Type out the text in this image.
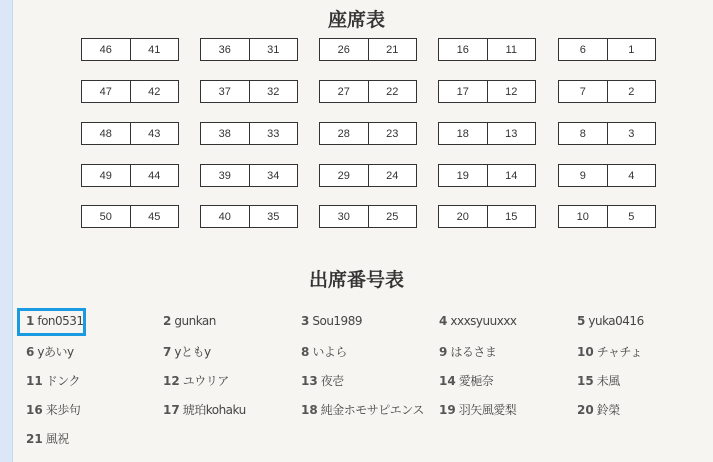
座席表
46	41	36	31	26	21	16	11	6	1
47	42	37	32	27	22	17	12	7	2
48	43	38	33	28	23	18	13	8	3
49	44	39	34	29	24	19	14	9	4
50	45	40	35	30	25	20	15	10	5
出席番号表
1 fon0531	2 gunkan	3 Sou1989	4 xxxsyuuxxx	5 yuka0416
6 yあいy	7 yともy	8 いよら	9 はるさま	10 チャチょ
11 ドンク	12 ユウリア	13 夜壱	14 愛梔奈	15 未風
16 来歩句	17 琥珀kohaku	18 純金ホモサピエンス 19 羽矢風愛梨	20 鈴榮
21 風祝
